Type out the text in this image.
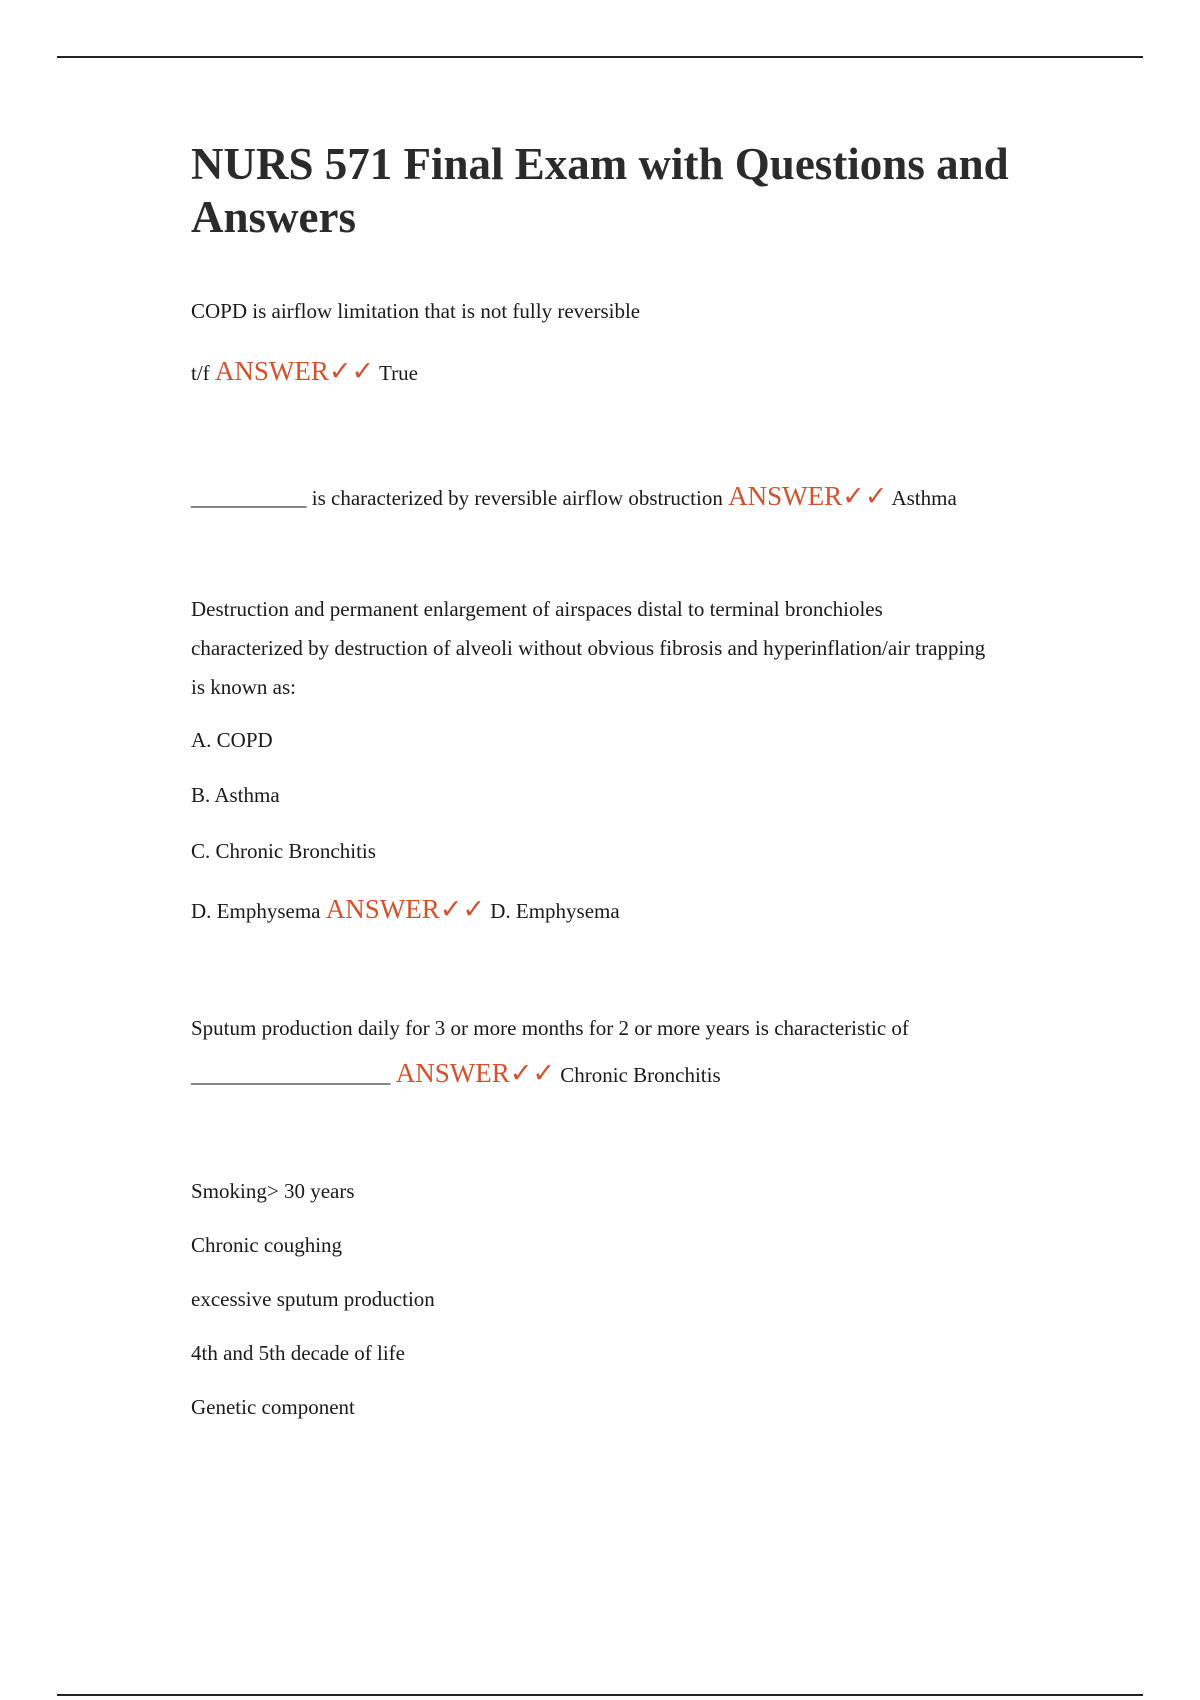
NURS 571 Final Exam with Questions and Answers
COPD is airflow limitation that is not fully reversible
t/f ANSWER✓✓ True
___________ is characterized by reversible airflow obstruction ANSWER✓✓ Asthma
Destruction and permanent enlargement of airspaces distal to terminal bronchioles characterized by destruction of alveoli without obvious fibrosis and hyperinflation/air trapping is known as:
A. COPD
B. Asthma
C. Chronic Bronchitis
D. Emphysema ANSWER✓✓ D. Emphysema
Sputum production daily for 3 or more months for 2 or more years is characteristic of
___________________ ANSWER✓✓ Chronic Bronchitis
Smoking> 30 years
Chronic coughing
excessive sputum production
4th and 5th decade of life
Genetic component
